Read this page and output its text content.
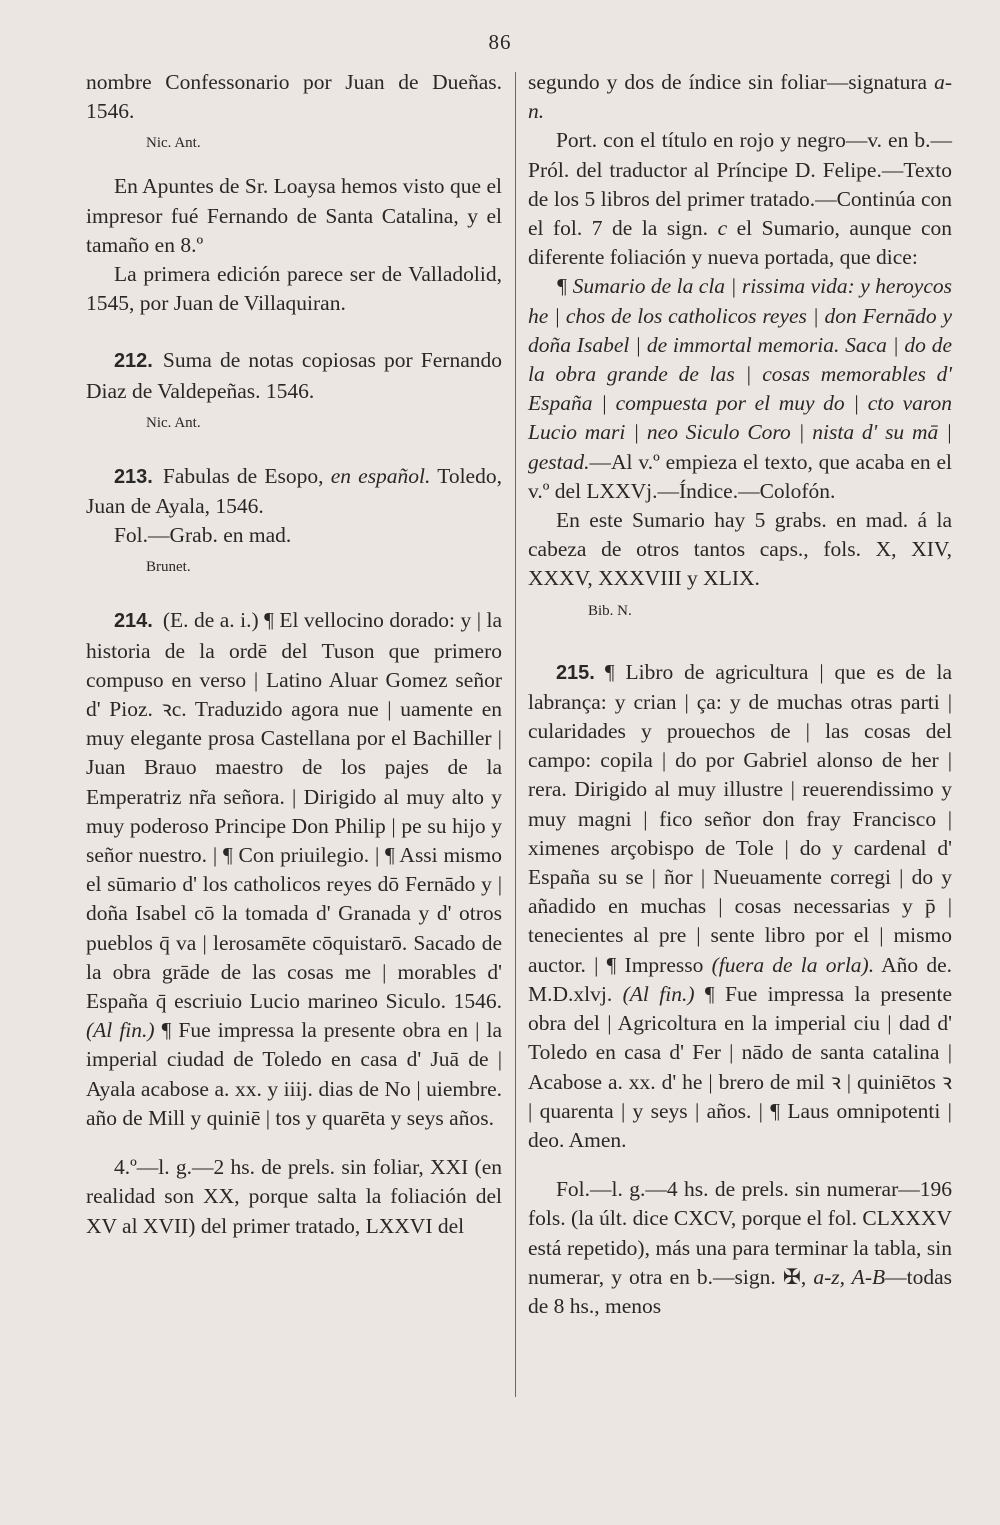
86

nombre Confessonario por Juan de Dueñas. 1546.

Nic. Ant.

En Apuntes de Sr. Loaysa hemos visto que el impresor fué Fernando de Santa Catalina, y el tamaño en 8.º

La primera edición parece ser de Valladolid, 1545, por Juan de Villaquiran.

212. Suma de notas copiosas por Fernando Diaz de Valdepeñas. 1546.

Nic. Ant.

213. Fabulas de Esopo, en español. Toledo, Juan de Ayala, 1546.

Fol.—Grab. en mad.

Brunet.

214. (E. de a. i.) ¶ El vellocino dorado: y | la historia de la ordē del Tuson que primero compuso en verso | Latino Aluar Gomez señor d' Pioz. ꝛc. Traduzido agora nue | uamente en muy elegante prosa Castellana por el Bachiller | Juan Brauo maestro de los pajes de la Emperatriz nr̃a señora. | Dirigido al muy alto y muy poderoso Principe Don Philip | pe su hijo y señor nuestro. | ¶ Con priuilegio. | ¶ Assi mismo el sūmario d' los catholicos reyes dō Fernādo y | doña Isabel cō la tomada d' Granada y d' otros pueblos q̄ va | lerosamēte cōquistarō. Sacado de la obra grāde de las cosas me | morables d' España q̄ escriuio Lucio marineo Siculo. 1546. (Al fin.) ¶ Fue impressa la presente obra en | la imperial ciudad de Toledo en casa d' Juā de | Ayala acabose a. xx. y iiij. dias de No | uiembre. año de Mill y quiniē | tos y quarēta y seys años.

4.º—l. g.—2 hs. de prels. sin foliar, XXI (en realidad son XX, porque salta la foliación del XV al XVII) del primer tratado, LXXVI del

segundo y dos de índice sin foliar—signatura a-n.

Port. con el título en rojo y negro—v. en b.—Pról. del traductor al Príncipe D. Felipe.—Texto de los 5 libros del primer tratado.—Continúa con el fol. 7 de la sign. c el Sumario, aunque con diferente foliación y nueva portada, que dice:

¶ Sumario de la cla | rissima vida: y heroycos he | chos de los catholicos reyes | don Fernādo y doña Isabel | de immortal memoria. Saca | do de la obra grande de las | cosas memorables d' España | compuesta por el muy do | cto varon Lucio mari | neo Siculo Coro | nista d' su mā | gestad.—Al v.º empieza el texto, que acaba en el v.º del LXXVj.—Índice.—Colofón.

En este Sumario hay 5 grabs. en mad. á la cabeza de otros tantos caps., fols. X, XIV, XXXV, XXXVIII y XLIX.

Bib. N.

215. ¶ Libro de agricultura | que es de la labrança: y crian | ça: y de muchas otras parti | cularidades y prouechos de | las cosas del campo: copila | do por Gabriel alonso de her | rera. Dirigido al muy illustre | reuerendissimo y muy magni | fico señor don fray Francisco | ximenes arçobispo de Tole | do y cardenal d' España su se | ñor | Nueuamente corregi | do y añadido en muchas | cosas necessarias y p̄ | tenecientes al pre | sente libro por el | mismo auctor. | ¶ Impresso (fuera de la orla). Año de. M.D.xlvj. (Al fin.) ¶ Fue impressa la presente obra del | Agricoltura en la imperial ciu | dad d' Toledo en casa d' Fer | nādo de santa catalina | Acabose a. xx. d' he | brero de mil ꝛ | quiniētos ꝛ | quarenta | y seys | años. | ¶ Laus omnipotenti | deo. Amen.

Fol.—l. g.—4 hs. de prels. sin numerar—196 fols. (la últ. dice CXCV, porque el fol. CLXXXV está repetido), más una para terminar la tabla, sin numerar, y otra en b.—sign. ✠, a-z, A-B—todas de 8 hs., menos
